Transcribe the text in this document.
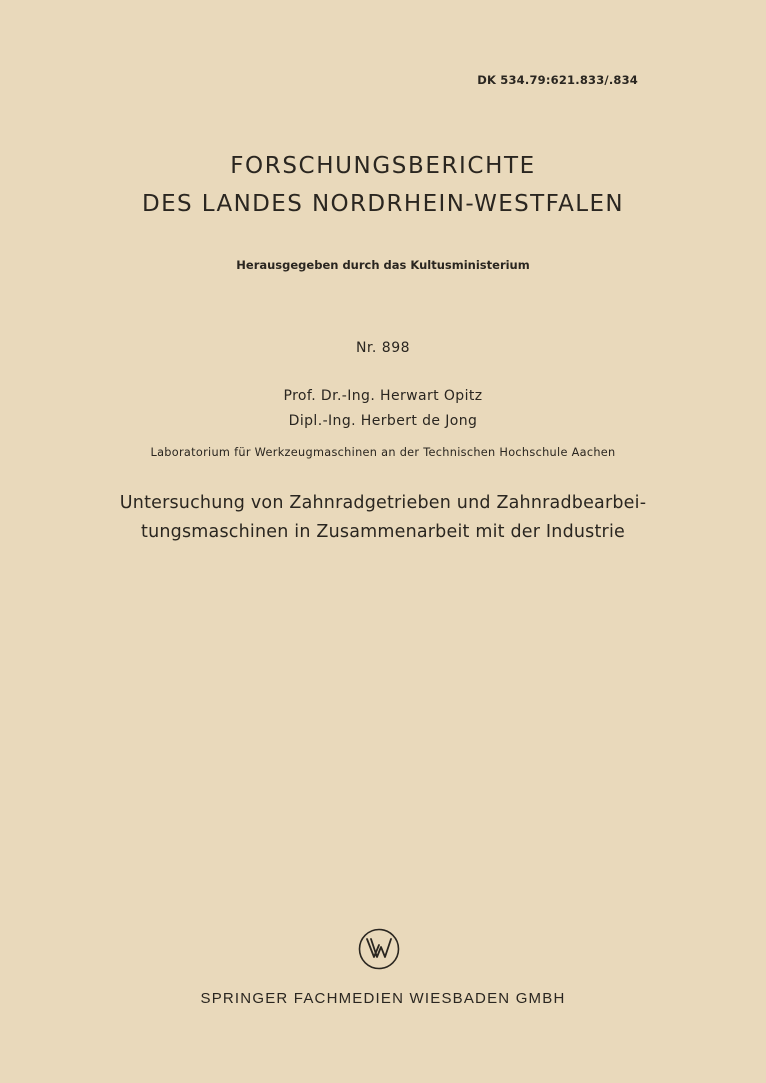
DK 534.79:621.833/.834
FORSCHUNGSBERICHTE
DES LANDES NORDRHEIN-WESTFALEN
Herausgegeben durch das Kultusministerium
Nr. 898
Prof. Dr.-Ing. Herwart Opitz
Dipl.-Ing. Herbert de Jong
Laboratorium für Werkzeugmaschinen an der Technischen Hochschule Aachen
Untersuchung von Zahnradgetrieben und Zahnradbearbei-
tungsmaschinen in Zusammenarbeit mit der Industrie
SPRINGER FACHMEDIEN WIESBADEN GMBH
